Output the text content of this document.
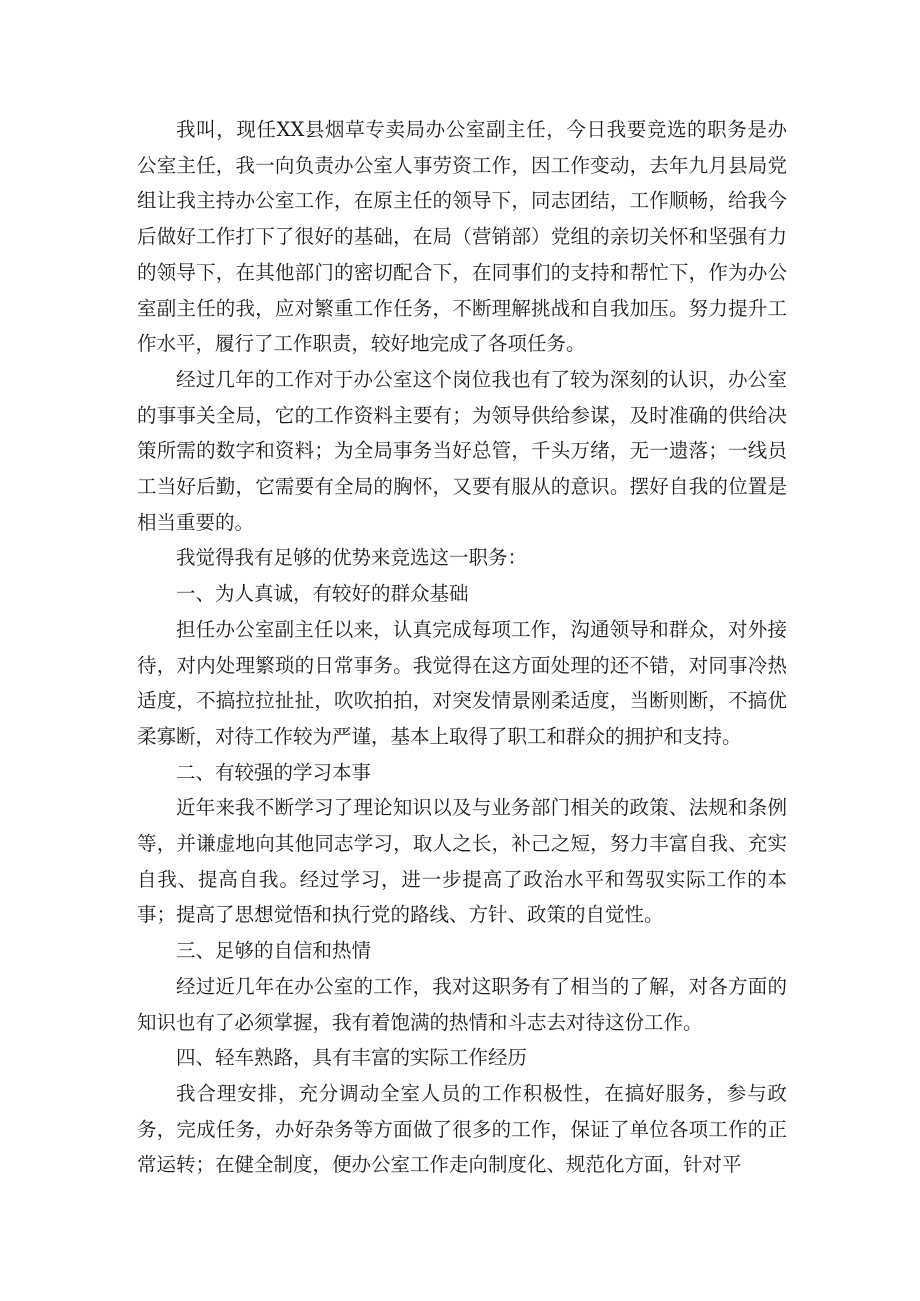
我叫，现任XX县烟草专卖局办公室副主任，今日我要竞选的职务是办公室主任，我一向负责办公室人事劳资工作，因工作变动，去年九月县局党组让我主持办公室工作，在原主任的领导下，同志团结，工作顺畅，给我今后做好工作打下了很好的基础，在局（营销部）党组的亲切关怀和坚强有力的领导下，在其他部门的密切配合下，在同事们的支持和帮忙下，作为办公室副主任的我，应对繁重工作任务，不断理解挑战和自我加压。努力提升工作水平，履行了工作职责，较好地完成了各项任务。

经过几年的工作对于办公室这个岗位我也有了较为深刻的认识，办公室的事事关全局，它的工作资料主要有；为领导供给参谋，及时准确的供给决策所需的数字和资料；为全局事务当好总管，千头万绪，无一遗落；一线员工当好后勤，它需要有全局的胸怀，又要有服从的意识。摆好自我的位置是相当重要的。

我觉得我有足够的优势来竞选这一职务：

一、为人真诚，有较好的群众基础

担任办公室副主任以来，认真完成每项工作，沟通领导和群众，对外接待，对内处理繁琐的日常事务。我觉得在这方面处理的还不错，对同事冷热适度，不搞拉拉扯扯，吹吹拍拍，对突发情景刚柔适度，当断则断，不搞优柔寡断，对待工作较为严谨，基本上取得了职工和群众的拥护和支持。

二、有较强的学习本事

近年来我不断学习了理论知识以及与业务部门相关的政策、法规和条例等，并谦虚地向其他同志学习，取人之长，补己之短，努力丰富自我、充实自我、提高自我。经过学习，进一步提高了政治水平和驾驭实际工作的本事；提高了思想觉悟和执行党的路线、方针、政策的自觉性。

三、足够的自信和热情

经过近几年在办公室的工作，我对这职务有了相当的了解，对各方面的知识也有了必须掌握，我有着饱满的热情和斗志去对待这份工作。

四、轻车熟路，具有丰富的实际工作经历

我合理安排，充分调动全室人员的工作积极性，在搞好服务，参与政务，完成任务，办好杂务等方面做了很多的工作，保证了单位各项工作的正常运转；在健全制度，便办公室工作走向制度化、规范化方面，针对平
